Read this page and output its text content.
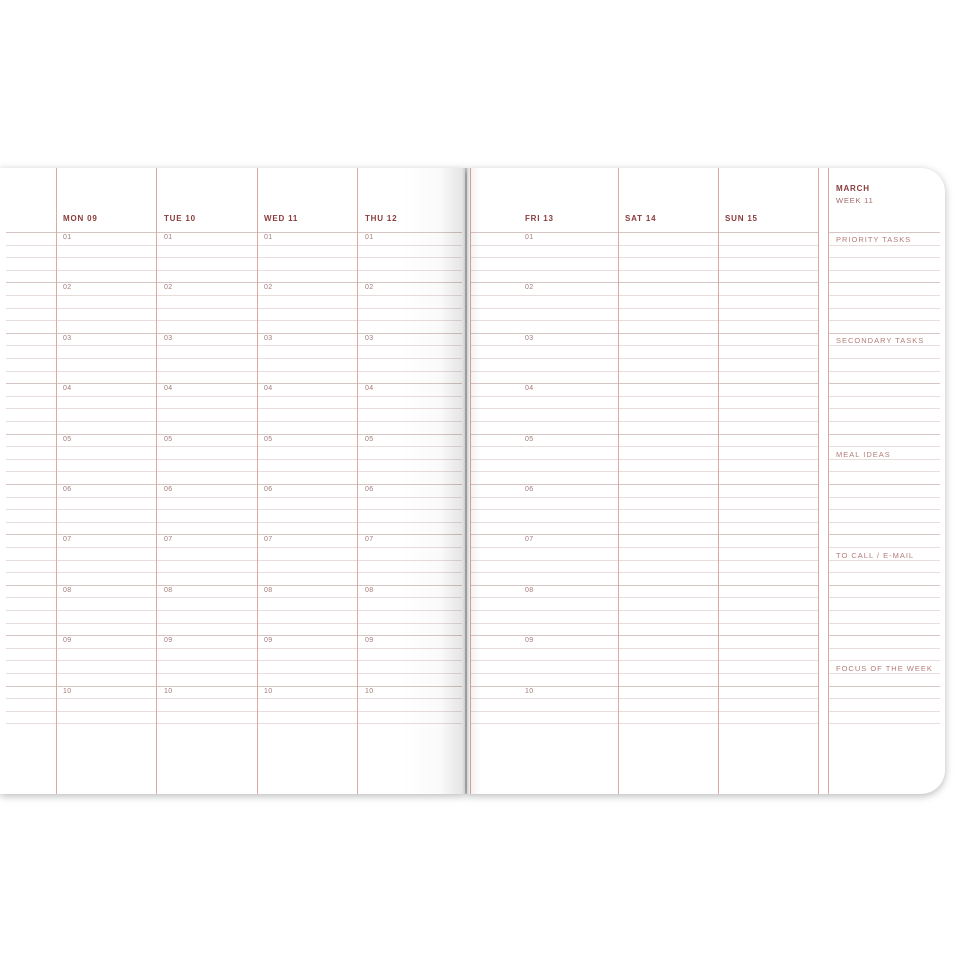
MARCH
WEEK 11
MON 09	TUE 10	WED 11	THU 12	FRI 13	SAT 14	SUN 15
01	01	01	01	01
02	02	02	02	02
03	03	03	03	03
04	04	04	04	04
05	05	05	05	05
06	06	06	06	06
07	07	07	07	07
08	08	08	08	08
09	09	09	09	09
10	10	10	10	10
PRIORITY TASKS
SECONDARY TASKS
MEAL IDEAS
TO CALL / E-MAIL
FOCUS OF THE WEEK
